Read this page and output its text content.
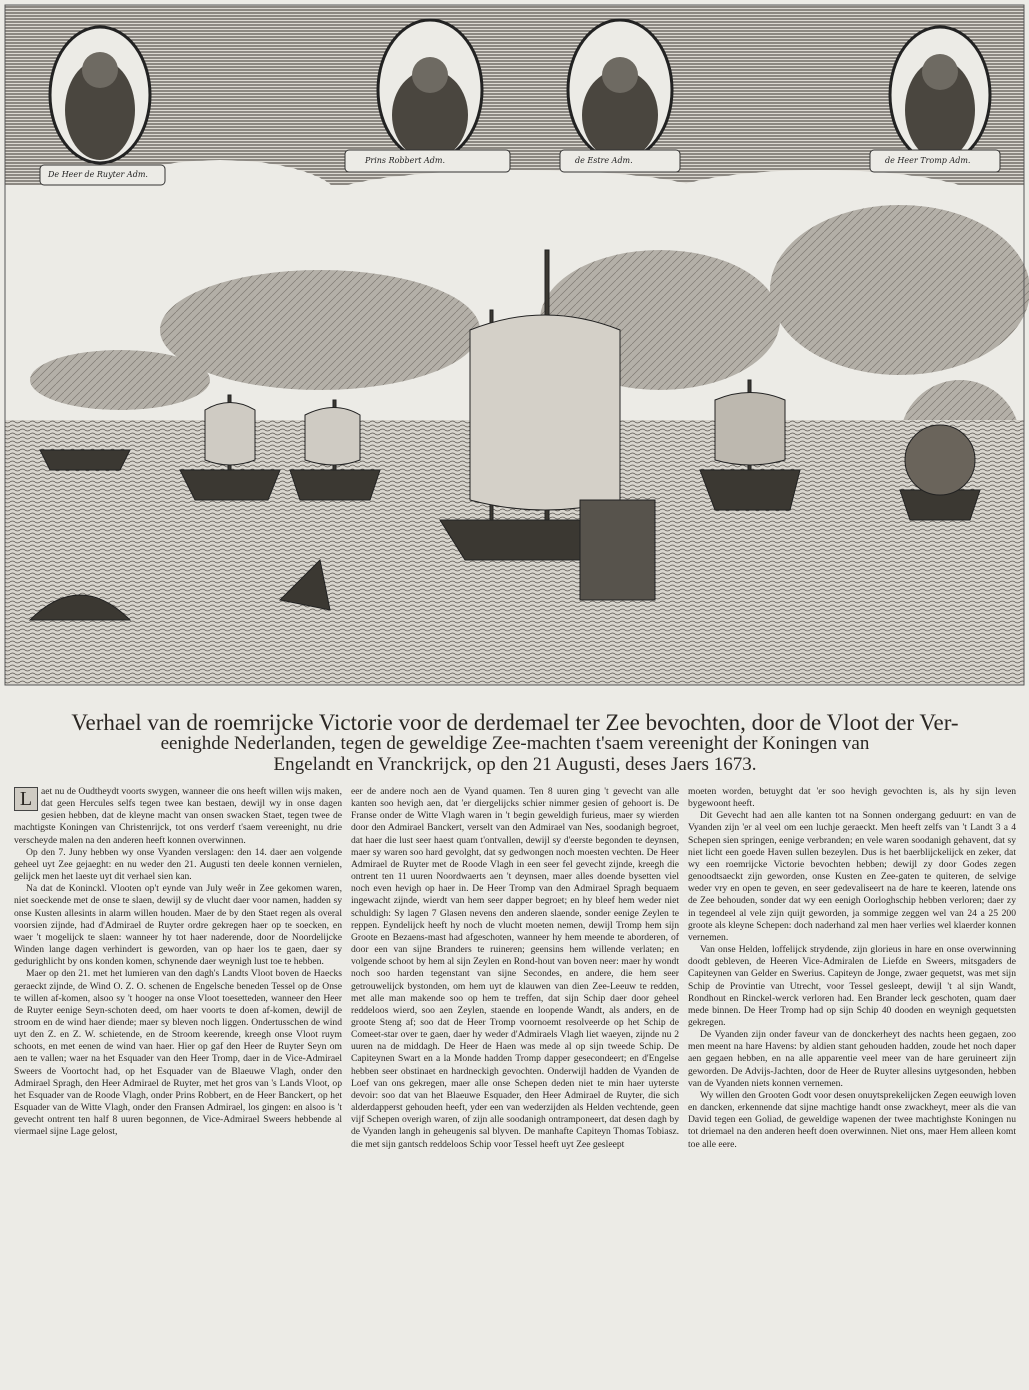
De Heer de Ruyter Adm.
Prins Robbert Adm.	de Estre Adm.	de Heer Tromp Adm.
Verhael van de roemrijcke Victorie voor de derdemael ter Zee bevochten, door de Vloot der Ver-
eenighde Nederlanden, tegen de geweldige Zee-machten t'saem vereenight der Koningen van
Engelandt en Vranckrijck, op den 21 Augusti, deses Jaers 1673.
L aet nu de Oudtheydt voorts swygen, wanneer die ons heeft willen wijs maken, dat geen Hercules selfs tegen twee kan bestaen, dewijl wy in onse dagen gesien hebben, dat de kleyne macht van onsen swacken Staet, tegen twee de machtigste Koningen van Christenrijck, tot ons verderf t'saem vereenight, nu drie verscheyde malen na den anderen heeft konnen overwinnen.

Op den 7. Juny hebben wy onse Vyanden verslagen: den 14. daer aen volgende geheel uyt Zee gejaeght: en nu weder den 21. Augusti ten deele konnen vernielen, gelijck men het laeste uyt dit verhael sien kan.

Na dat de Koninckl. Vlooten op't eynde van July weêr in Zee gekomen waren, niet soeckende met de onse te slaen, dewijl sy de vlucht daer voor namen, hadden sy onse Kusten allesints in alarm willen houden. Maer de by den Staet regen als overal voorsien zijnde, had d'Admirael de Ruyter ordre gekregen haer op te soecken, en waer 't mogelijck te slaen: wanneer hy tot haer naderende, door de Noordelijcke Winden lange dagen verhindert is geworden, van op haer los te gaen, daer sy gedurighlicht by ons konden komen, schynende daer weynigh lust toe te hebben.

Maer op den 21. met het lumieren van den dagh's Landts Vloot boven de Haecks geraeckt zijnde, de Wind O. Z. O. schenen de Engelsche beneden Tessel op de Onse te willen af-komen, alsoo sy 't hooger na onse Vloot toesetteden, wanneer den Heer de Ruyter eenige Seyn-schoten deed, om haer voorts te doen af-komen, dewijl de stroom en de wind haer diende; maer sy bleven noch liggen. Ondertusschen de wind uyt den Z. en Z. W. schietende, en de Stroom keerende, kreegh onse Vloot ruym schoots, en met eenen de wind van haer. Hier op gaf den Heer de Ruyter Seyn om aen te vallen; waer na het Esquader van den Heer Tromp, daer in de Vice-Admirael Sweers de Voortocht had, op het Esquader van de Blaeuwe Vlagh, onder den Admirael Spragh, den Heer Admirael de Ruyter, met het gros van 's Lands Vloot, op het Esquader van de Roode Vlagh, onder Prins Robbert, en de Heer Banckert, op het Esquader van de Witte Vlagh, onder den Fransen Admirael, los gingen: en alsoo is 't gevecht ontrent ten half 8 uuren begonnen, de Vice-Admirael Sweers hebbende al viermael sijne Lage gelost,

eer de andere noch aen de Vyand quamen. Ten 8 uuren ging 't gevecht van alle kanten soo hevigh aen, dat 'er diergelijcks schier nimmer gesien of gehoort is. De Franse onder de Witte Vlagh waren in 't begin geweldigh furieus, maer sy wierden door den Admirael Banckert, verselt van den Admirael van Nes, soodanigh begroet, dat haer die lust seer haest quam t'ontvallen, dewijl sy d'eerste begonden te deynsen, maer sy waren soo hard gevolght, dat sy gedwongen noch moesten vechten. De Heer Admirael de Ruyter met de Roode Vlagh in een seer fel gevecht zijnde, kreegh die ontrent ten 11 uuren Noordwaerts aen 't deynsen, maer alles doende bysetten viel noch even hevigh op haer in. De Heer Tromp van den Admirael Spragh bequaem ingewacht zijnde, wierdt van hem seer dapper begroet; en hy bleef hem weder niet schuldigh: Sy lagen 7 Glasen nevens den anderen slaende, sonder eenige Zeylen te reppen. Eyndelijck heeft hy noch de vlucht moeten nemen, dewijl Tromp hem sijn Groote en Bezaens-mast had afgeschoten, wanneer hy hem meende te aborderen, of door een van sijne Branders te ruineren; geensins hem willende verlaten; en volgende schoot by hem al sijn Zeylen en Rond-hout van boven neer: maer hy wondt noch soo harden tegenstant van sijne Secondes, en andere, die hem seer getrouwelijck bystonden, om hem uyt de klauwen van dien Zee-Leeuw te redden, met alle man makende soo op hem te treffen, dat sijn Schip daer door geheel reddeloos wierd, soo aen Zeylen, staende en loopende Wandt, als anders, en de groote Steng af; soo dat de Heer Tromp voornoemt resolveerde op het Schip de Comeet-star over te gaen, daer hy weder d'Admiraels Vlagh liet waeyen, zijnde nu 2 uuren na de middagh. De Heer de Haen was mede al op sijn tweede Schip. De Capiteynen Swart en a la Monde hadden Tromp dapper gesecondeert; en d'Engelse hebben seer obstinaet en hardneckigh gevochten. Onderwijl hadden de Vyanden de Loef van ons gekregen, maer alle onse Schepen deden niet te min haer uyterste devoir: soo dat van het Blaeuwe Esquader, den Heer Admirael de Ruyter, die sich alderdapperst gehouden heeft, yder een van wederzijden als Helden vechtende, geen vijf Schepen overigh waren, of zijn alle soodanigh ontramponeert, dat desen dagh by de Vyanden langh in geheugenis sal blyven. De manhafte Capiteyn Thomas Tobiasz. die met sijn gantsch reddeloos Schip voor Tessel heeft uyt Zee gesleept

moeten worden, betuyght dat 'er soo hevigh gevochten is, als hy sijn leven bygewoont heeft.

Dit Gevecht had aen alle kanten tot na Sonnen ondergang geduurt: en van de Vyanden zijn 'er al veel om een luchje geraeckt. Men heeft zelfs van 't Landt 3 a 4 Schepen sien springen, eenige verbranden; en vele waren soodanigh gehavent, dat sy niet licht een goede Haven sullen bezeylen. Dus is het baerblijckelijck en zeker, dat wy een roemrijcke Victorie bevochten hebben; dewijl zy door Godes zegen genoodtsaeckt zijn geworden, onse Kusten en Zee-gaten te quiteren, de selvige weder vry en open te geven, en seer gedevaliseert na de hare te keeren, latende ons de Zee behouden, sonder dat wy een eenigh Oorloghschip hebben verloren; daer zy in tegendeel al vele zijn quijt geworden, ja sommige zeggen wel van 24 a 25 200 groote als kleyne Schepen: doch naderhand zal men haer verlies wel klaerder konnen vernemen.

Van onse Helden, loffelijck strydende, zijn glorieus in hare en onse overwinning doodt gebleven, de Heeren Vice-Admiralen de Liefde en Sweers, mitsgaders de Capiteynen van Gelder en Swerius. Capiteyn de Jonge, zwaer gequetst, was met sijn Schip de Provintie van Utrecht, voor Tessel gesleept, dewijl 't al sijn Wandt, Rondhout en Rinckel-werck verloren had. Een Brander leck geschoten, quam daer mede binnen. De Heer Tromp had op sijn Schip 40 dooden en weynigh gequetsten gekregen.

De Vyanden zijn onder faveur van de donckerheyt des nachts heen gegaen, zoo men meent na hare Havens: by aldien stant gehouden hadden, zoude het noch daper aen gegaen hebben, en na alle apparentie veel meer van de hare geruineert zijn geworden. De Advijs-Jachten, door de Heer de Ruyter allesins uytgesonden, hebben van de Vyanden niets konnen vernemen.

Wy willen den Grooten Godt voor desen onuytsprekelijcken Zegen eeuwigh loven en dancken, erkennende dat sijne machtige handt onse zwackheyt, meer als die van David tegen een Goliad, de geweldige wapenen der twee machtighste Koningen nu tot driemael na den anderen heeft doen overwinnen. Niet ons, maer Hem alleen komt toe alle eere.
